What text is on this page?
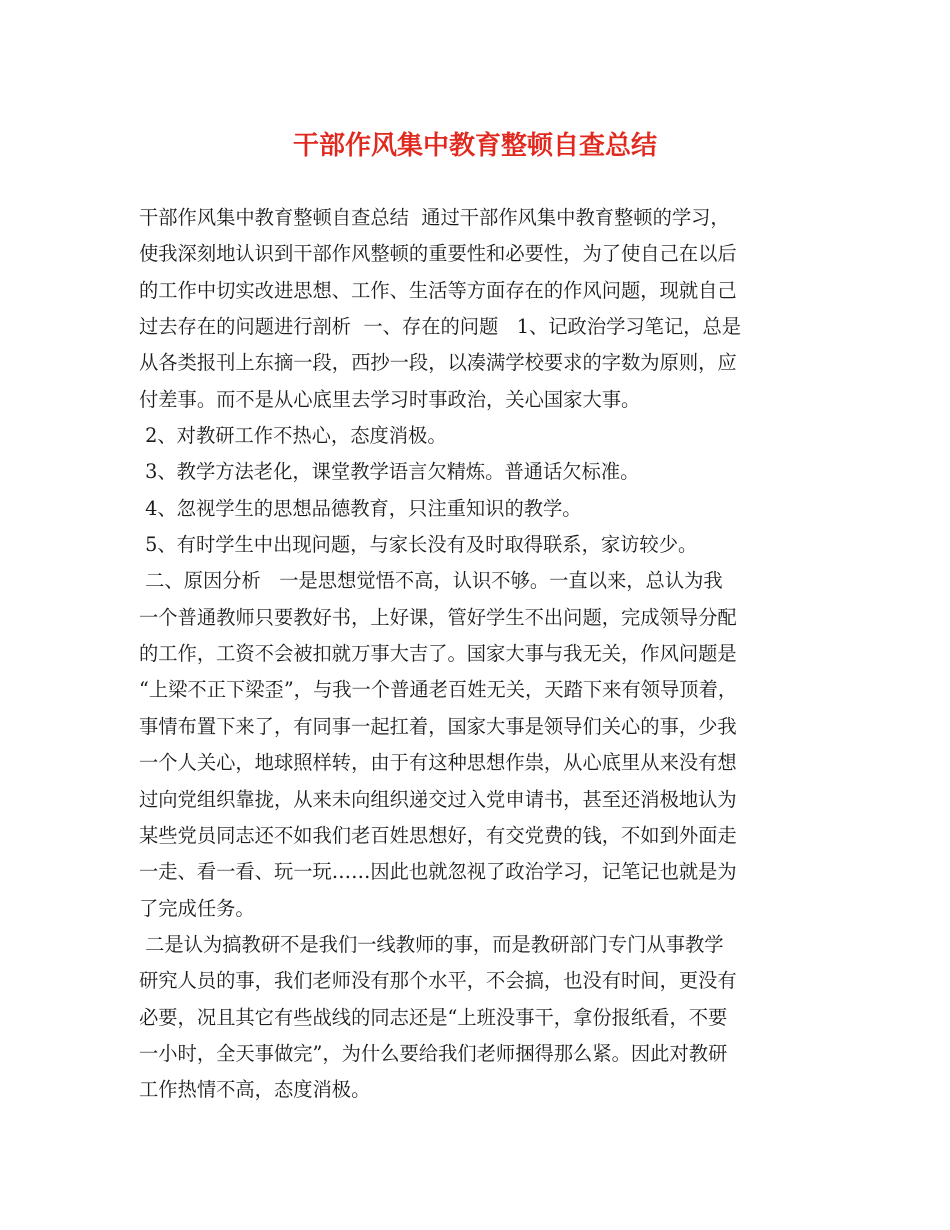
干部作风集中教育整顿自查总结
干部作风集中教育整顿自查总结  通过干部作风集中教育整顿的学习，
使我深刻地认识到干部作风整顿的重要性和必要性，为了使自己在以后
的工作中切实改进思想、工作、生活等方面存在的作风问题，现就自己
过去存在的问题进行剖析  一、存在的问题   1、记政治学习笔记，总是
从各类报刊上东摘一段，西抄一段，以凑满学校要求的字数为原则，应
付差事。而不是从心底里去学习时事政治，关心国家大事。
2、对教研工作不热心，态度消极。
3、教学方法老化，课堂教学语言欠精炼。普通话欠标准。
4、忽视学生的思想品德教育，只注重知识的教学。
5、有时学生中出现问题，与家长没有及时取得联系，家访较少。
二、原因分析   一是思想觉悟不高，认识不够。一直以来，总认为我
一个普通教师只要教好书，上好课，管好学生不出问题，完成领导分配
的工作，工资不会被扣就万事大吉了。国家大事与我无关，作风问题是
“上梁不正下梁歪”，与我一个普通老百姓无关，天踏下来有领导顶着，
事情布置下来了，有同事一起扛着，国家大事是领导们关心的事，少我
一个人关心，地球照样转，由于有这种思想作祟，从心底里从来没有想
过向党组织靠拢，从来未向组织递交过入党申请书，甚至还消极地认为
某些党员同志还不如我们老百姓思想好，有交党费的钱，不如到外面走
一走、看一看、玩一玩……因此也就忽视了政治学习，记笔记也就是为
了完成任务。
二是认为搞教研不是我们一线教师的事，而是教研部门专门从事教学
研究人员的事，我们老师没有那个水平，不会搞，也没有时间，更没有
必要，况且其它有些战线的同志还是“上班没事干，拿份报纸看，不要
一小时，全天事做完”，为什么要给我们老师捆得那么紧。因此对教研
工作热情不高，态度消极。
